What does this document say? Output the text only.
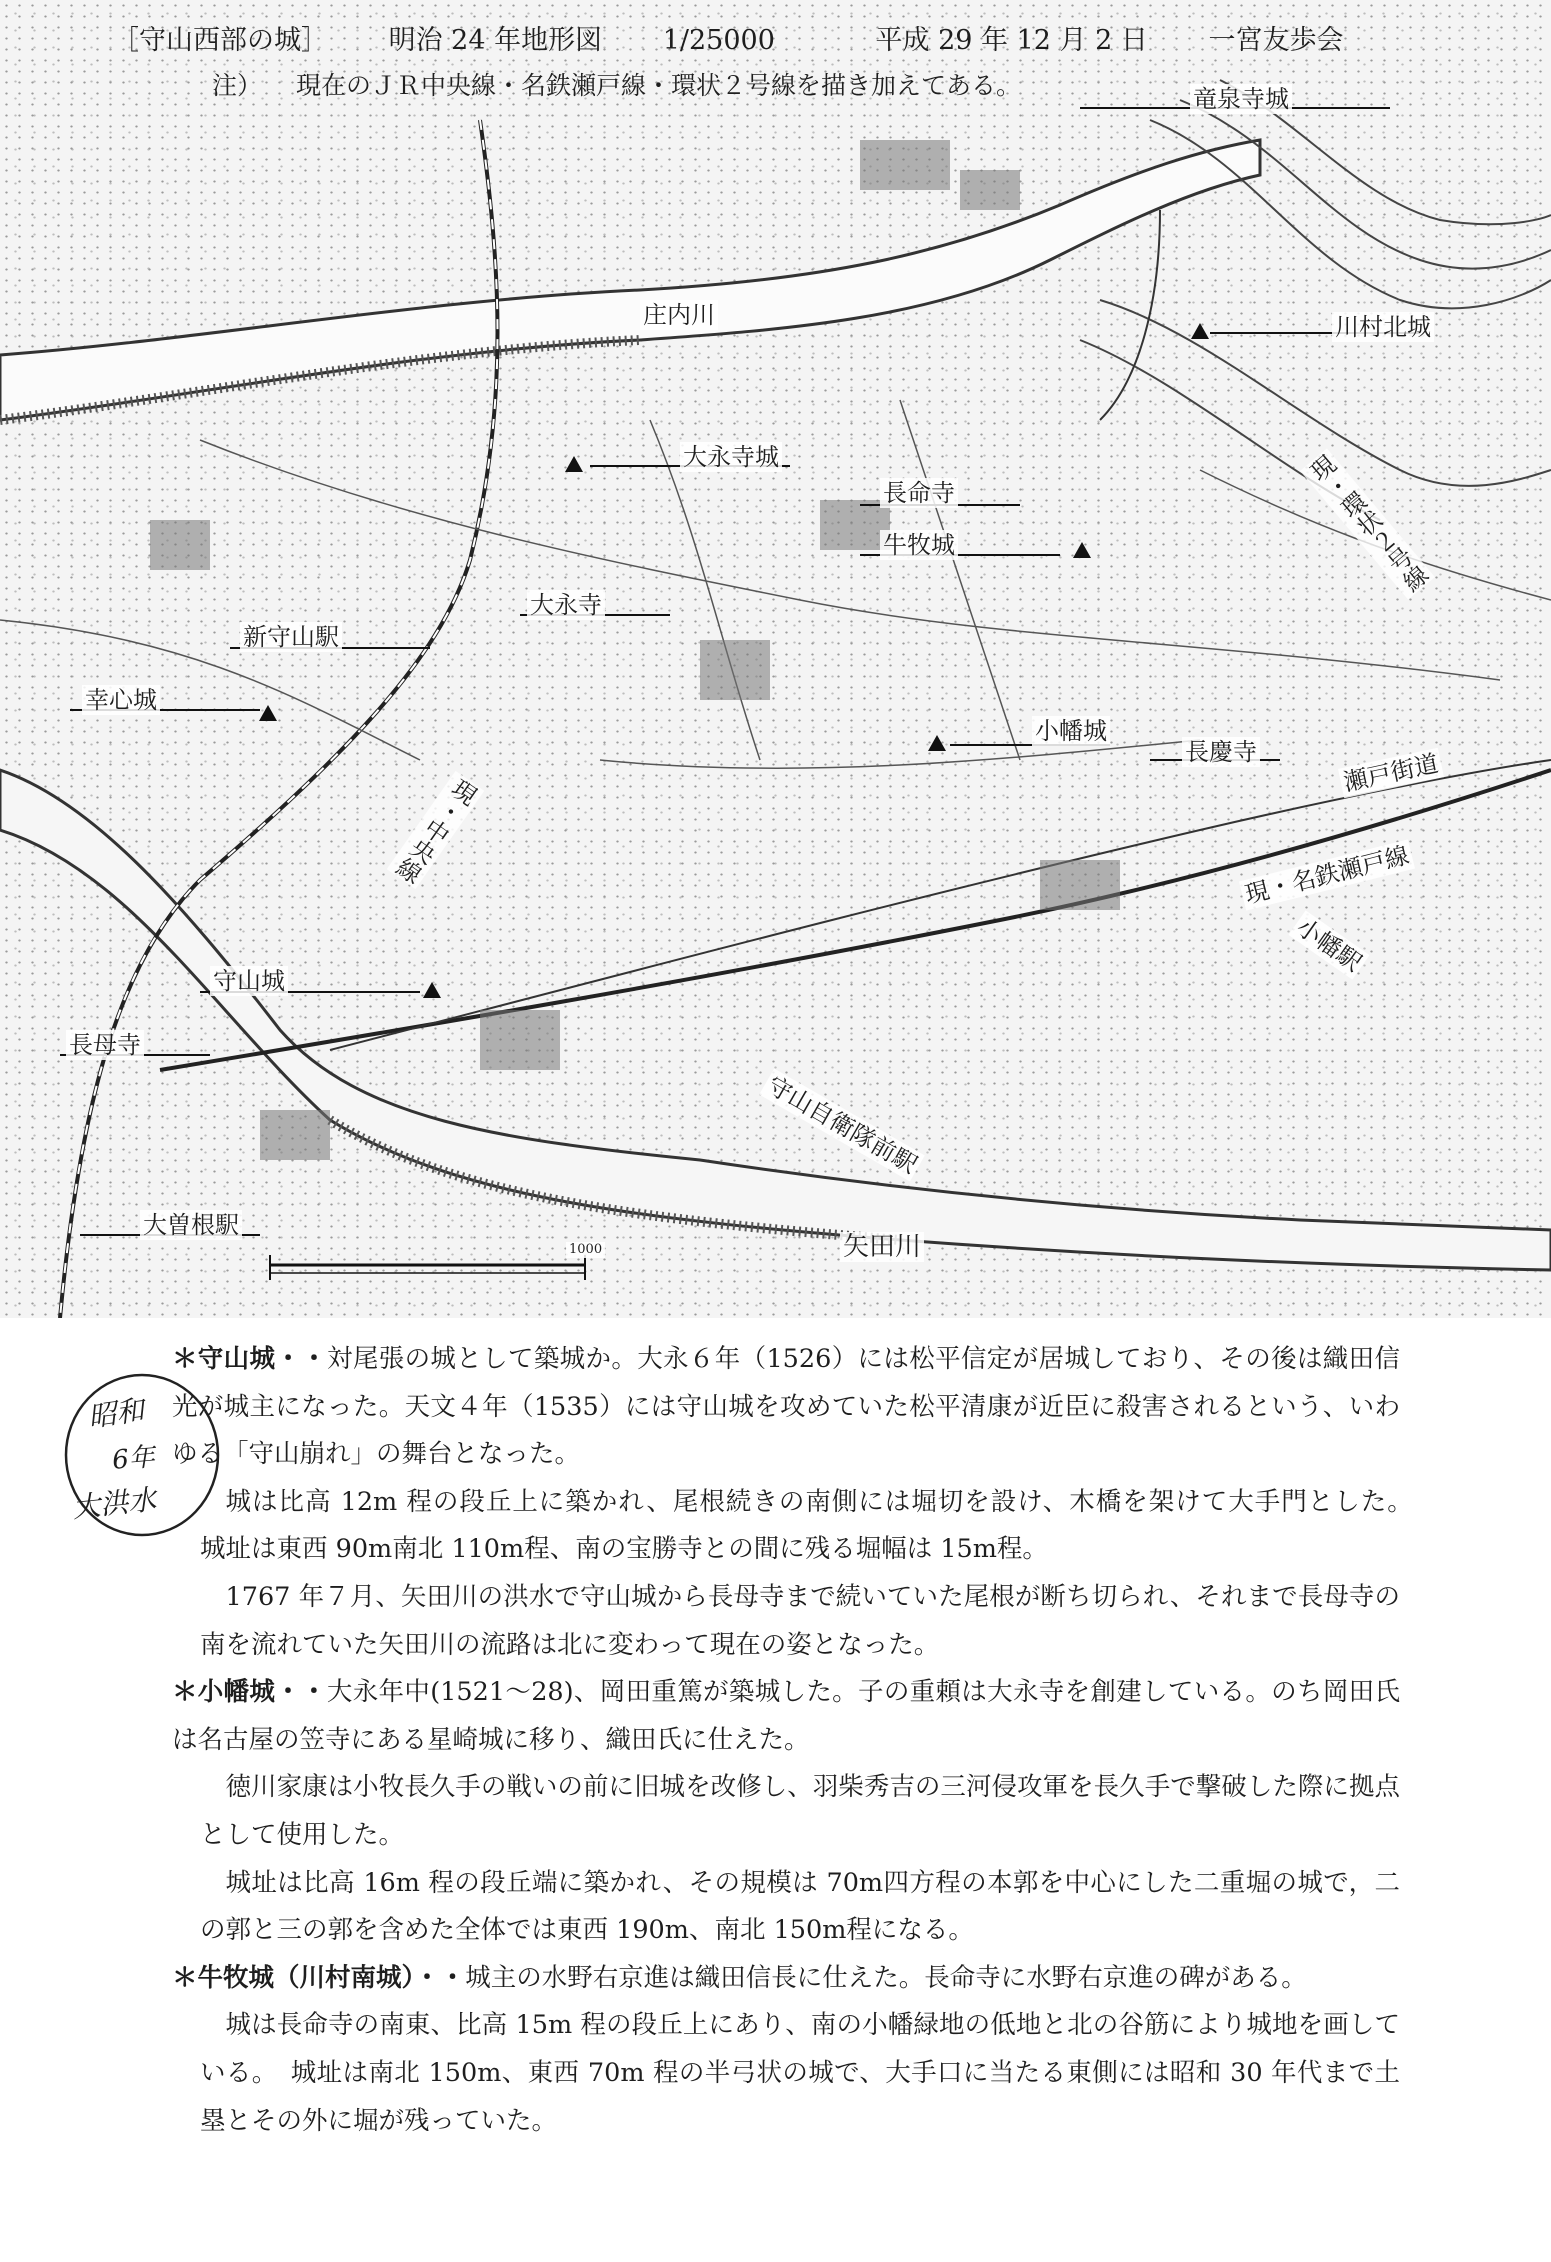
［守山西部の城］ 明治 24 年地形図 1/25000	平成 29 年 12 月 2 日 一宮友歩会
注） 現在のＪＲ中央線・名鉄瀬戸線・環状２号線を描き加えてある。	竜泉寺城
川村北城
庄内川
大永寺城
長命寺
牛牧城
大永寺
新守山駅
幸心城
小幡城
長慶寺	瀬戸街道
現・名鉄瀬戸線
小幡駅
守山城
長母寺
守山自衛隊前駅
大曽根駅
矢田川
1000
現・中央線
現・環状２号線
昭和
6年
大洪水

＊守山城・・対尾張の城として築城か。大永６年（1526）には松平信定が居城しており、その後は織田信光が城主になった。天文４年（1535）には守山城を攻めていた松平清康が近臣に殺害されるという、いわゆる「守山崩れ」の舞台となった。

城は比高 12m 程の段丘上に築かれ、尾根続きの南側には堀切を設け、木橋を架けて大手門とした。　城址は東西 90m南北 110m程、南の宝勝寺との間に残る堀幅は 15m程。

1767 年７月、矢田川の洪水で守山城から長母寺まで続いていた尾根が断ち切られ、それまで長母寺の南を流れていた矢田川の流路は北に変わって現在の姿となった。

＊小幡城・・大永年中(1521～28)、岡田重篤が築城した。子の重頼は大永寺を創建している。のち岡田氏は名古屋の笠寺にある星崎城に移り、織田氏に仕えた。

徳川家康は小牧長久手の戦いの前に旧城を改修し、羽柴秀吉の三河侵攻軍を長久手で撃破した際に拠点として使用した。

城址は比高 16m 程の段丘端に築かれ、その規模は 70m四方程の本郭を中心にした二重堀の城で，二の郭と三の郭を含めた全体では東西 190m、南北 150m程になる。

＊牛牧城（川村南城）・・城主の水野右京進は織田信長に仕えた。長命寺に水野右京進の碑がある。

城は長命寺の南東、比高 15m 程の段丘上にあり、南の小幡緑地の低地と北の谷筋により城地を画している。　城址は南北 150m、東西 70m 程の半弓状の城で、大手口に当たる東側には昭和 30 年代まで土塁とその外に堀が残っていた。
